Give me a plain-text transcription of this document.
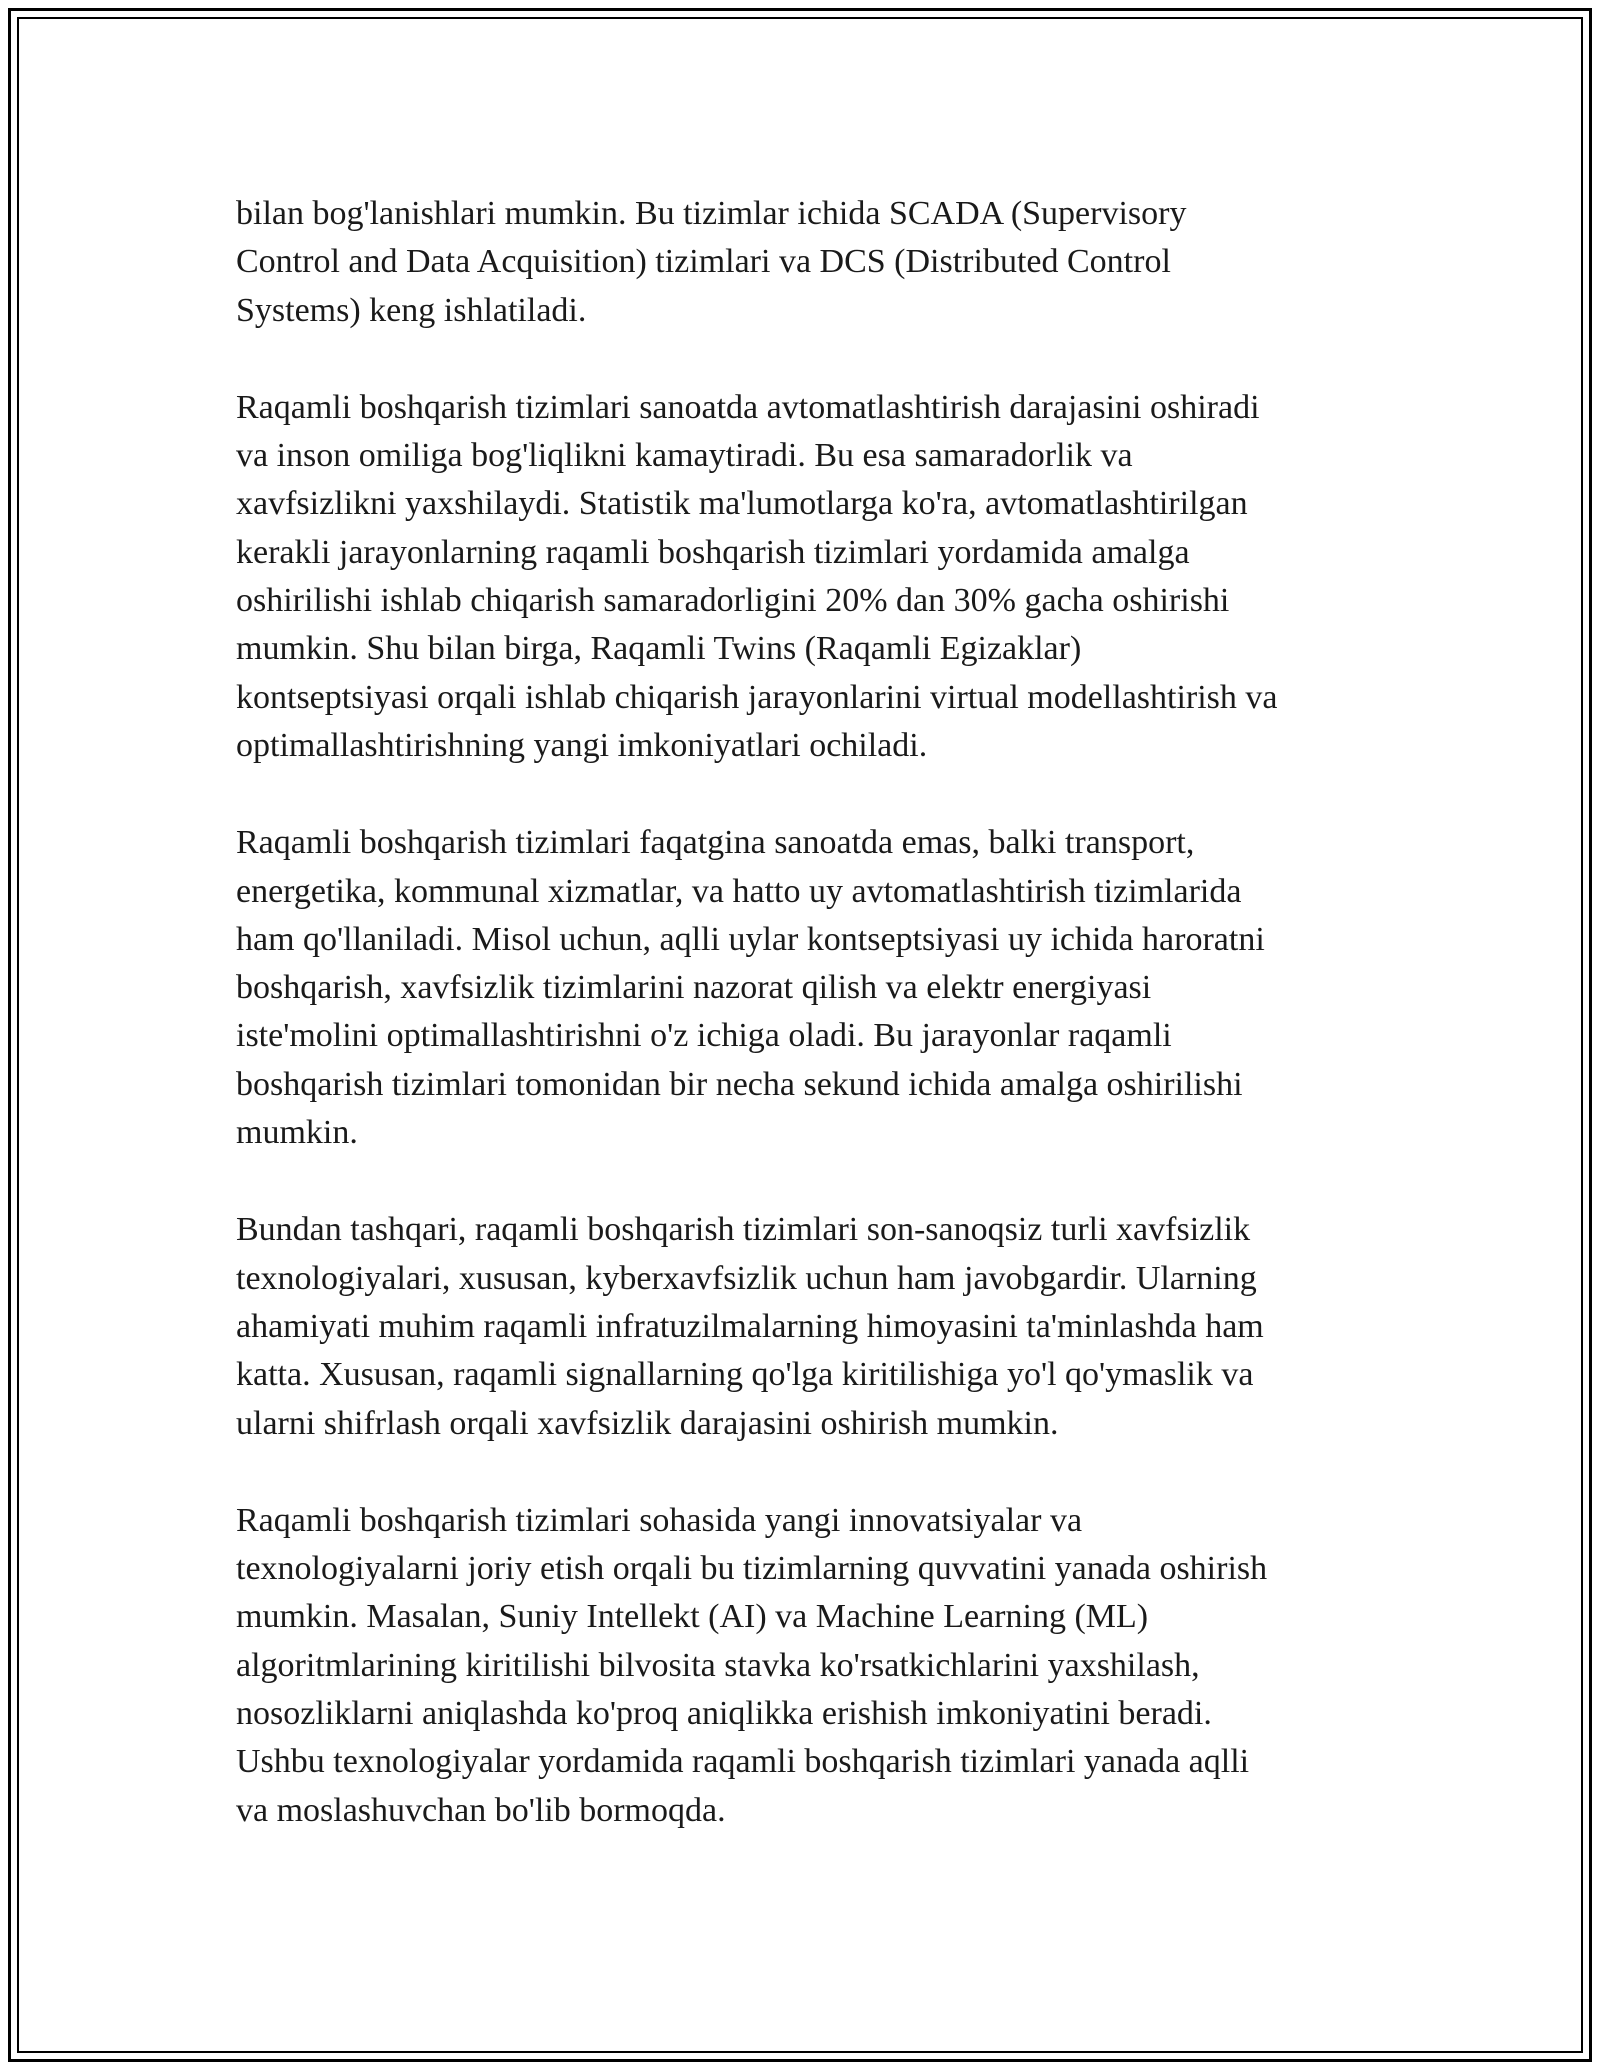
bilan bog'lanishlari mumkin. Bu tizimlar ichida SCADA (Supervisory
Control and Data Acquisition) tizimlari va DCS (Distributed Control
Systems) keng ishlatiladi.

Raqamli boshqarish tizimlari sanoatda avtomatlashtirish darajasini oshiradi
va inson omiliga bog'liqlikni kamaytiradi. Bu esa samaradorlik va
xavfsizlikni yaxshilaydi. Statistik ma'lumotlarga ko'ra, avtomatlashtirilgan
kerakli jarayonlarning raqamli boshqarish tizimlari yordamida amalga
oshirilishi ishlab chiqarish samaradorligini 20% dan 30% gacha oshirishi
mumkin. Shu bilan birga, Raqamli Twins (Raqamli Egizaklar)
kontseptsiyasi orqali ishlab chiqarish jarayonlarini virtual modellashtirish va
optimallashtirishning yangi imkoniyatlari ochiladi.

Raqamli boshqarish tizimlari faqatgina sanoatda emas, balki transport,
energetika, kommunal xizmatlar, va hatto uy avtomatlashtirish tizimlarida
ham qo'llaniladi. Misol uchun, aqlli uylar kontseptsiyasi uy ichida haroratni
boshqarish, xavfsizlik tizimlarini nazorat qilish va elektr energiyasi
iste'molini optimallashtirishni o'z ichiga oladi. Bu jarayonlar raqamli
boshqarish tizimlari tomonidan bir necha sekund ichida amalga oshirilishi
mumkin.

Bundan tashqari, raqamli boshqarish tizimlari son-sanoqsiz turli xavfsizlik
texnologiyalari, xususan, kyberxavfsizlik uchun ham javobgardir. Ularning
ahamiyati muhim raqamli infratuzilmalarning himoyasini ta'minlashda ham
katta. Xususan, raqamli signallarning qo'lga kiritilishiga yo'l qo'ymaslik va
ularni shifrlash orqali xavfsizlik darajasini oshirish mumkin.

Raqamli boshqarish tizimlari sohasida yangi innovatsiyalar va
texnologiyalarni joriy etish orqali bu tizimlarning quvvatini yanada oshirish
mumkin. Masalan, Suniy Intellekt (AI) va Machine Learning (ML)
algoritmlarining kiritilishi bilvosita stavka ko'rsatkichlarini yaxshilash,
nosozliklarni aniqlashda ko'proq aniqlikka erishish imkoniyatini beradi.
Ushbu texnologiyalar yordamida raqamli boshqarish tizimlari yanada aqlli
va moslashuvchan bo'lib bormoqda.
